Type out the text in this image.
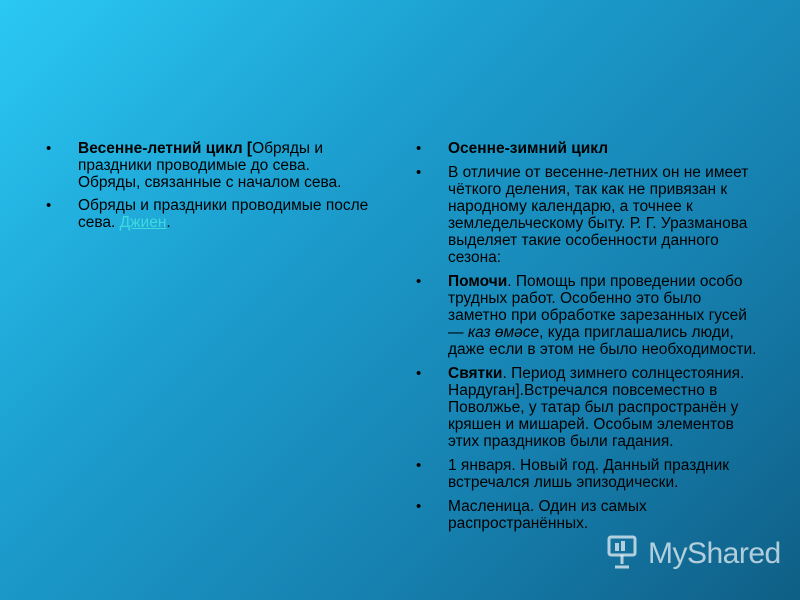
• Весенне-летний цикл [Обряды и праздники проводимые до сева. Обряды, связанные с началом сева.
• Обряды и праздники проводимые после сева. Джиен.
• Осенне-зимний цикл
• В отличие от весенне-летних он не имеет чёткого деления, так как не привязан к народному календарю, а точнее к земледельческому быту. Р. Г. Уразманова выделяет такие особенности данного сезона:
• Помочи. Помощь при проведении особо трудных работ. Особенно это было заметно при обработке зарезанных гусей — каз өмәсе, куда приглашались люди, даже если в этом не было необходимости.
• Святки. Период зимнего солнцестояния. Нардуган].Встречался повсеместно в Поволжье, у татар был распространён у кряшен и мишарей. Особым элементов этих праздников были гадания.
• 1 января. Новый год. Данный праздник встречался лишь эпизодически.
• Масленица. Один из самых распространённых.
MyShared
